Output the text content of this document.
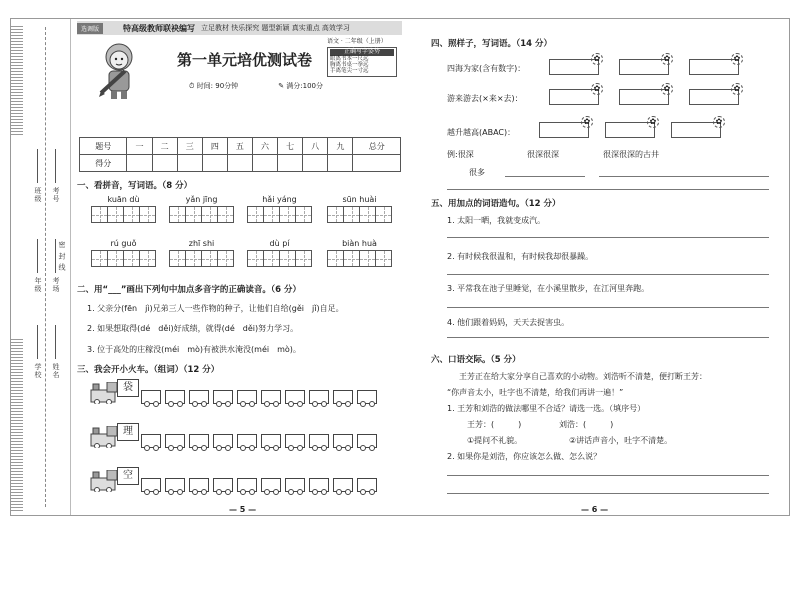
班级 考号
年级 考场
密 封 线
学校 姓名
选调版	特高级教师联袂编写 立足教材 快乐探究 题型新颖 真实重点 高效学习
第一单元培优测试卷
⏱ 时间: 90分钟	✎ 满分:100分
语文 · 二年级（上册）
正确写字姿势
眼离书本一尺远
胸离书桌一拳远
手离笔尖一寸远
题号	一	二	三	四	五	六	七	八	九	总分
得分										
一、看拼音，写词语。（8 分）
kuān dù	yǎn jīng	hǎi yáng	sūn huài
rú guǒ	zhī shi	dù pí	biàn huà
二、用“___”画出下列句中加点多音字的正确读音。（6 分）
1. 父亲分(fēn　jì)兄弟三人一些作物的种子，让他们自给(gěi　jǐ)自足。
2. 如果想取得(dé　děi)好成绩，就得(dé　děi)努力学习。
3. 位于高处的庄稼没(méi　mò)有被洪水淹没(méi　mò)。
三、我会开小火车。（组词）（12 分）
袋
理
空
— 5 —
四、照样子，写词语。（14 分）
四海为家(含有数字)：
游来游去(×来×去)：
越升越高(ABAC)：
✿	✿	✿
✿	✿	✿
✿	✿	✿
例:很深	很深很深	很深很深的古井
很多
五、用加点的词语造句。（12 分）
1. 太阳一晒，我就变成汽。
2. 有时候我很温和，有时候我却很暴躁。
3. 平常我在池子里睡觉，在小溪里散步，在江河里奔跑。
4. 他们跟着妈妈，天天去捉害虫。
六、口语交际。（5 分）
王芳正在给大家分享自己喜欢的小动物。刘浩听不清楚，便打断王芳：
“你声音太小，吐字也不清楚，给我们再讲一遍！”
1. 王芳和刘浩的做法哪里不合适？请选一选。（填序号）
王芳：(　　　)	刘浩：(　　　)
①提问不礼貌。	②讲话声音小，吐字不清楚。
2. 如果你是刘浩，你应该怎么做、怎么说？
— 6 —
